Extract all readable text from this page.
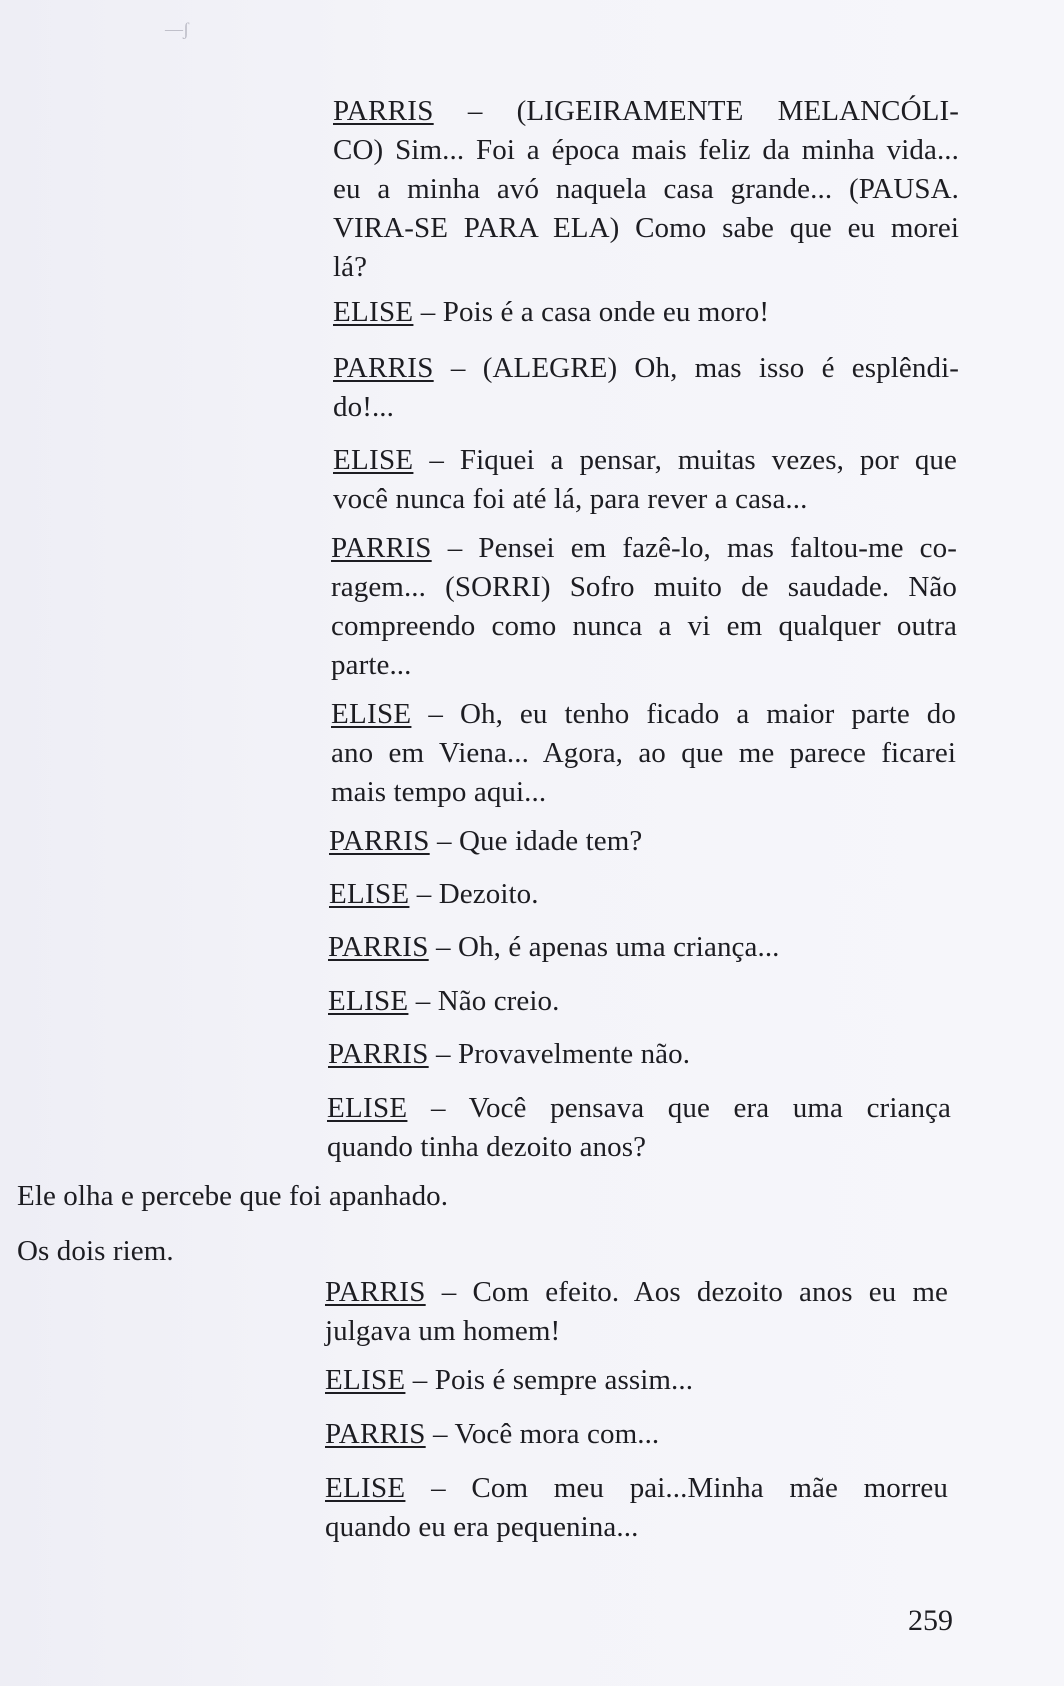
—ʃ
PARRIS – (LIGEIRAMENTE MELANCÓLI-
CO) Sim... Foi a época mais feliz da minha vida...
eu a minha avó naquela casa grande... (PAUSA.
VIRA-SE PARA ELA) Como sabe que eu morei
lá?
ELISE – Pois é a casa onde eu moro!
PARRIS – (ALEGRE) Oh, mas isso é esplêndi-
do!...
ELISE – Fiquei a pensar, muitas vezes, por que
você nunca foi até lá, para rever a casa...
PARRIS – Pensei em fazê-lo, mas faltou-me co-
ragem... (SORRI) Sofro muito de saudade. Não
compreendo como nunca a vi em qualquer outra
parte...
ELISE – Oh, eu tenho ficado a maior parte do
ano em Viena... Agora, ao que me parece ficarei
mais tempo aqui...
PARRIS – Que idade tem?
ELISE – Dezoito.
PARRIS – Oh, é apenas uma criança...
ELISE – Não creio.
PARRIS – Provavelmente não.
ELISE – Você pensava que era uma criança
quando tinha dezoito anos?
Ele olha e percebe que foi apanhado.
Os dois riem.
PARRIS – Com efeito. Aos dezoito anos eu me
julgava um homem!
ELISE – Pois é sempre assim...
PARRIS – Você mora com...
ELISE – Com meu pai...Minha mãe morreu
quando eu era pequenina...
259
